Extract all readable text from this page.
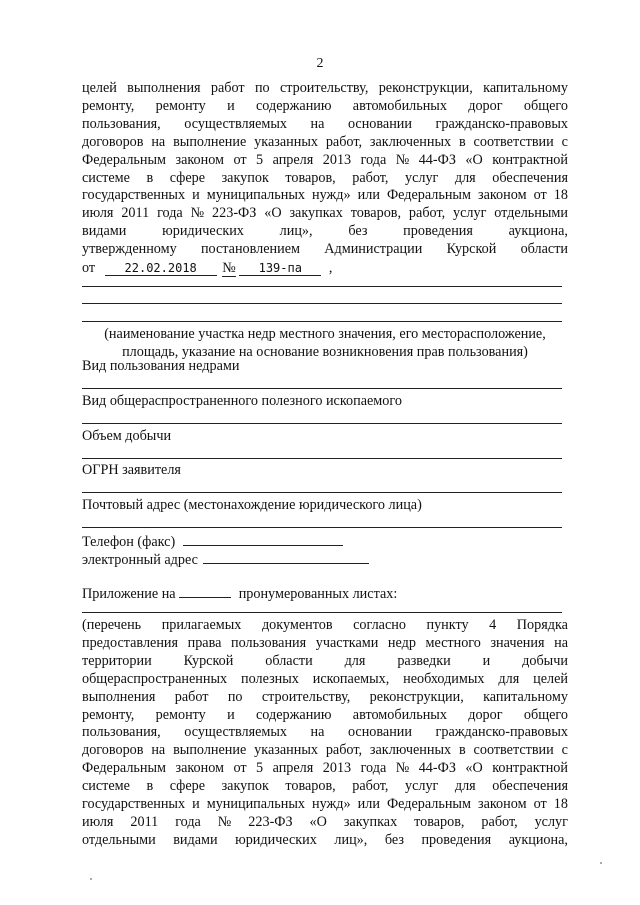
2
целей выполнения работ по строительству, реконструкции, капитальному
ремонту, ремонту и содержанию автомобильных дорог общего
пользования, осуществляемых на основании гражданско-правовых
договоров на выполнение указанных работ, заключенных в соответствии с
Федеральным законом от 5 апреля 2013 года № 44-ФЗ «О контрактной
системе в сфере закупок товаров, работ, услуг для обеспечения
государственных и муниципальных нужд» или Федеральным законом от 18
июля 2011 года № 223-ФЗ «О закупках товаров, работ, услуг отдельными
видами	юридических	лиц»,	без	проведения	аукциона,
утвержденному постановлением Администрации Курской области
от 22.02.2018 № 139-па ,
(наименование участка недр местного значения, его месторасположение,
площадь, указание на основание возникновения прав пользования)
Вид пользования недрами
Вид общераспространенного полезного ископаемого
Объем добычи
ОГРН заявителя
Почтовый адрес (местонахождение юридического лица)
Телефон (факс)
электронный адрес
Приложение на	пронумерованных листах:
(перечень прилагаемых документов согласно пункту 4 Порядка
предоставления права пользования участками недр местного значения на
территории Курской области для разведки и добычи
общераспространенных полезных ископаемых, необходимых для целей
выполнения работ по строительству, реконструкции, капитальному
ремонту, ремонту и содержанию автомобильных дорог общего
пользования, осуществляемых на основании гражданско-правовых
договоров на выполнение указанных работ, заключенных в соответствии с
Федеральным законом от 5 апреля 2013 года № 44-ФЗ «О контрактной
системе в сфере закупок товаров, работ, услуг для обеспечения
государственных и муниципальных нужд» или Федеральным законом от 18
июля 2011 года № 223-ФЗ «О закупках товаров, работ, услуг
отдельными видами юридических лиц», без проведения аукциона,
